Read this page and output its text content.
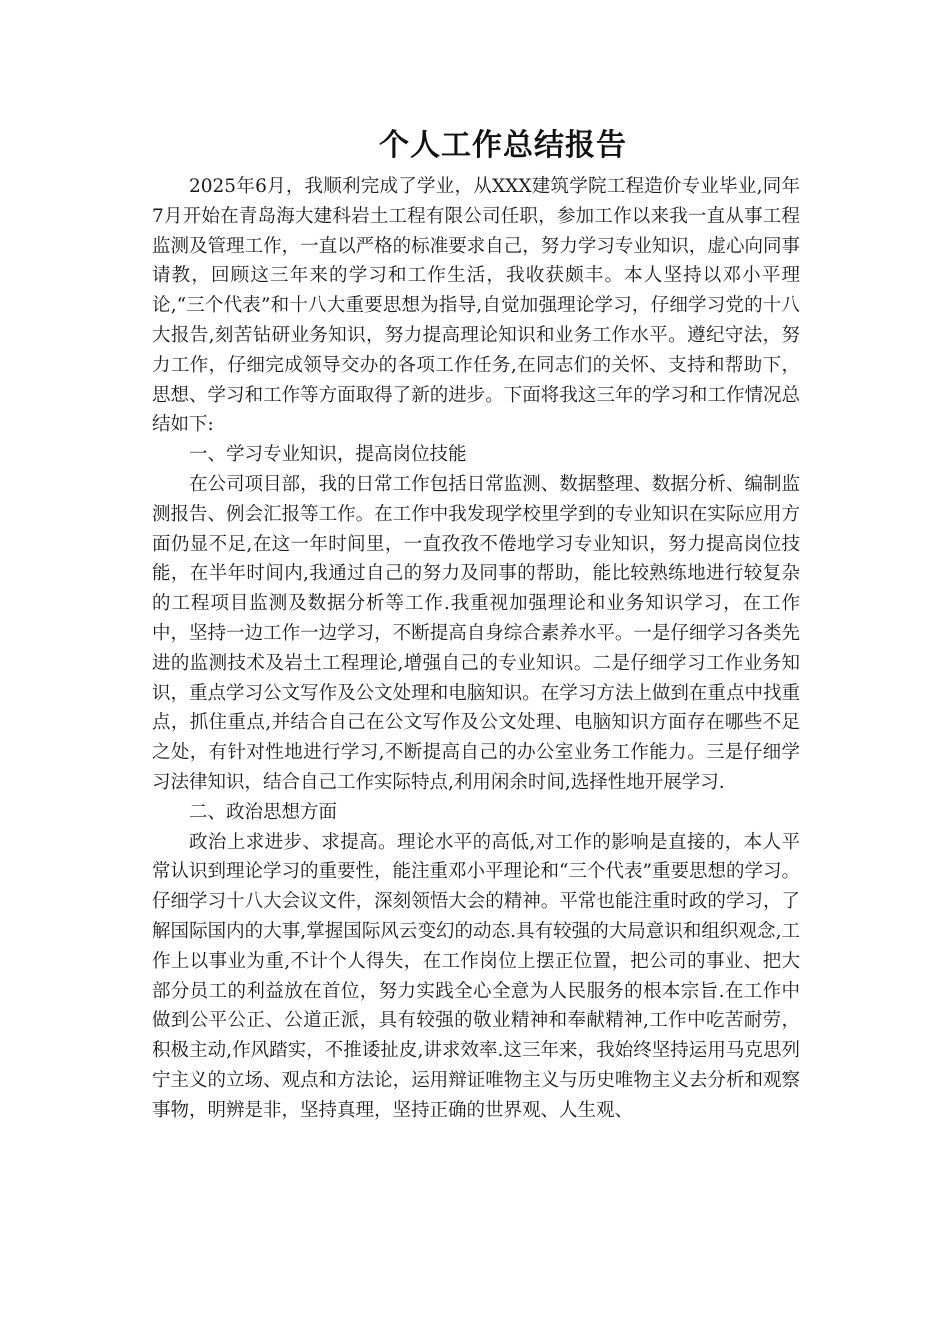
个人工作总结报告

2025年6月，我顺利完成了学业，从XXX建筑学院工程造价专业毕业,同年7月开始在青岛海大建科岩土工程有限公司任职，参加工作以来我一直从事工程监测及管理工作，一直以严格的标准要求自己，努力学习专业知识，虚心向同事请教，回顾这三年来的学习和工作生活，我收获颇丰。本人坚持以邓小平理论,“三个代表”和十八大重要思想为指导,自觉加强理论学习，仔细学习党的十八大报告,刻苦钻研业务知识，努力提高理论知识和业务工作水平。遵纪守法，努力工作，仔细完成领导交办的各项工作任务,在同志们的关怀、支持和帮助下，思想、学习和工作等方面取得了新的进步。下面将我这三年的学习和工作情况总结如下:

一、学习专业知识，提高岗位技能

在公司项目部，我的日常工作包括日常监测、数据整理、数据分析、编制监测报告、例会汇报等工作。在工作中我发现学校里学到的专业知识在实际应用方面仍显不足,在这一年时间里，一直孜孜不倦地学习专业知识，努力提高岗位技能，在半年时间内,我通过自己的努力及同事的帮助，能比较熟练地进行较复杂的工程项目监测及数据分析等工作.我重视加强理论和业务知识学习，在工作中，坚持一边工作一边学习，不断提高自身综合素养水平。一是仔细学习各类先进的监测技术及岩土工程理论,增强自己的专业知识。二是仔细学习工作业务知识，重点学习公文写作及公文处理和电脑知识。在学习方法上做到在重点中找重点，抓住重点,并结合自己在公文写作及公文处理、电脑知识方面存在哪些不足之处，有针对性地进行学习,不断提高自己的办公室业务工作能力。三是仔细学习法律知识，结合自己工作实际特点,利用闲余时间,选择性地开展学习.

二、政治思想方面

政治上求进步、求提高。理论水平的高低,对工作的影响是直接的，本人平常认识到理论学习的重要性，能注重邓小平理论和“三个代表”重要思想的学习。仔细学习十八大会议文件，深刻领悟大会的精神。平常也能注重时政的学习，了解国际国内的大事,掌握国际风云变幻的动态.具有较强的大局意识和组织观念,工作上以事业为重,不计个人得失，在工作岗位上摆正位置，把公司的事业、把大部分员工的利益放在首位，努力实践全心全意为人民服务的根本宗旨.在工作中做到公平公正、公道正派，具有较强的敬业精神和奉献精神,工作中吃苦耐劳，积极主动,作风踏实，不推诿扯皮,讲求效率.这三年来，我始终坚持运用马克思列宁主义的立场、观点和方法论，运用辩证唯物主义与历史唯物主义去分析和观察事物，明辨是非，坚持真理，坚持正确的世界观、人生观、
